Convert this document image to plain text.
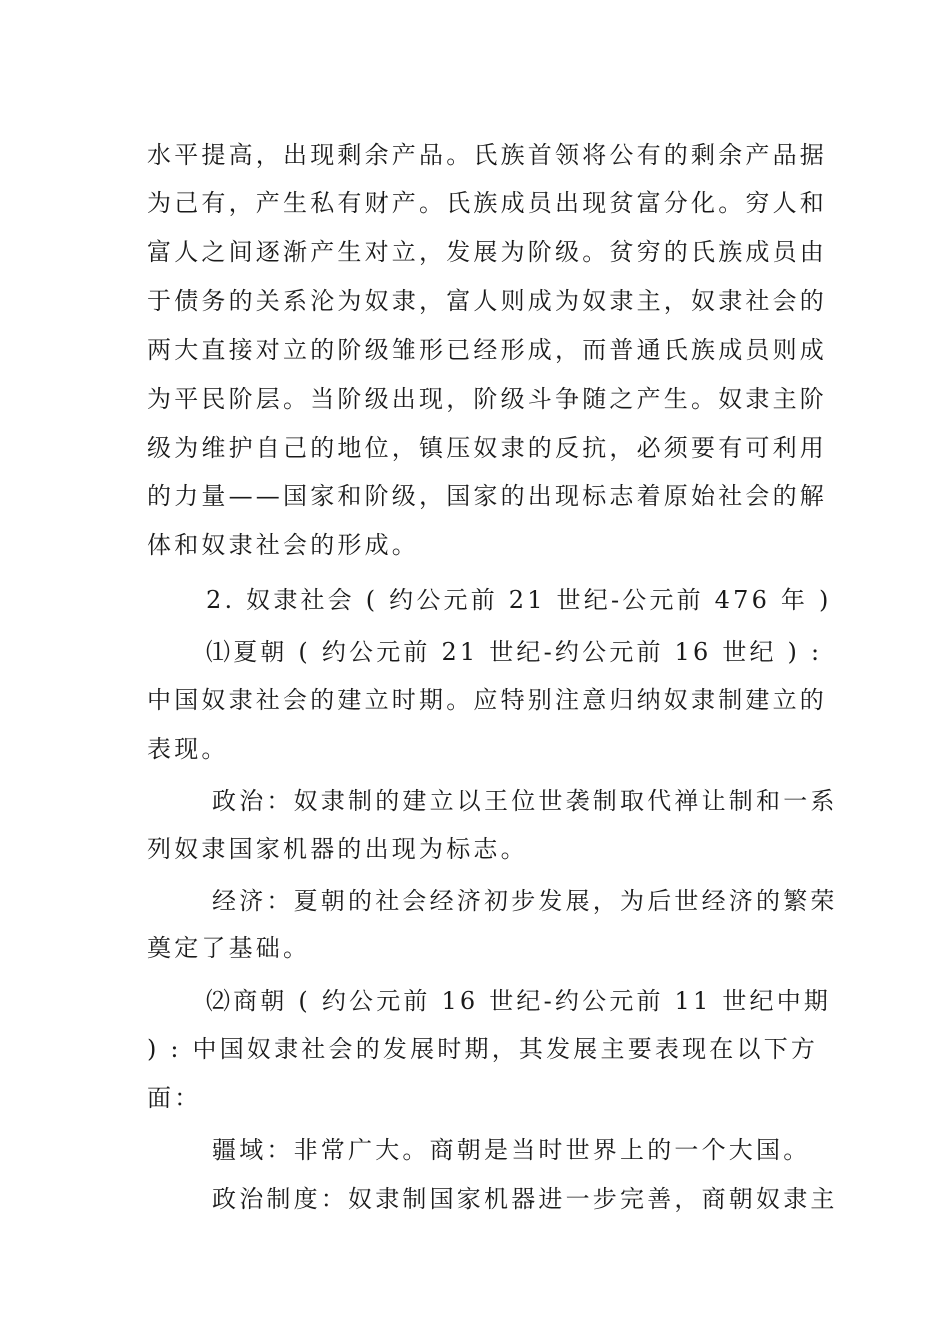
水平提高，出现剩余产品。氏族首领将公有的剩余产品据
为己有，产生私有财产。氏族成员出现贫富分化。穷人和
富人之间逐渐产生对立，发展为阶级。贫穷的氏族成员由
于债务的关系沦为奴隶，富人则成为奴隶主，奴隶社会的
两大直接对立的阶级雏形已经形成，而普通氏族成员则成
为平民阶层。当阶级出现，阶级斗争随之产生。奴隶主阶
级为维护自己的地位，镇压奴隶的反抗，必须要有可利用
的力量——国家和阶级，国家的出现标志着原始社会的解
体和奴隶社会的形成。
2. 奴隶社会 ( 约公元前 21 世纪-公元前 476 年 )
⑴夏朝 ( 约公元前 21 世纪-约公元前 16 世纪 ) :
中国奴隶社会的建立时期。应特别注意归纳奴隶制建立的
表现。
政治：奴隶制的建立以王位世袭制取代禅让制和一系
列奴隶国家机器的出现为标志。
经济：夏朝的社会经济初步发展，为后世经济的繁荣
奠定了基础。
⑵商朝 ( 约公元前 16 世纪-约公元前 11 世纪中期
) : 中国奴隶社会的发展时期，其发展主要表现在以下方
面：
疆域：非常广大。商朝是当时世界上的一个大国。
政治制度：奴隶制国家机器进一步完善，商朝奴隶主
